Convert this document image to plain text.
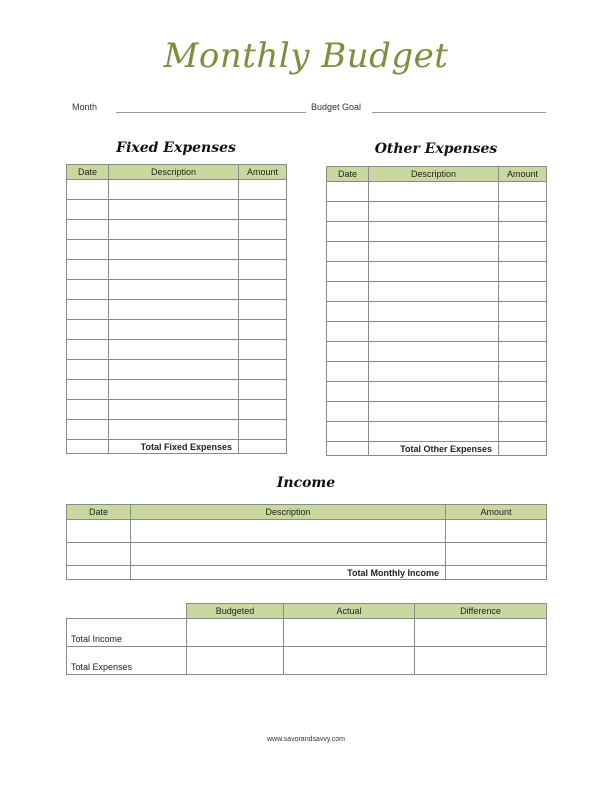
Monthly Budget
Month	Budget Goal
Fixed Expenses	Other Expenses
Date	Description	Amount

	Total Fixed Expenses	
Date	Description	Amount

	Total Other Expenses	
Income
Date	Description	Amount

	Total Monthly Income	
	Budgeted	Actual	Difference
Total Income			
Total Expenses			
www.savorandsavvy.com
